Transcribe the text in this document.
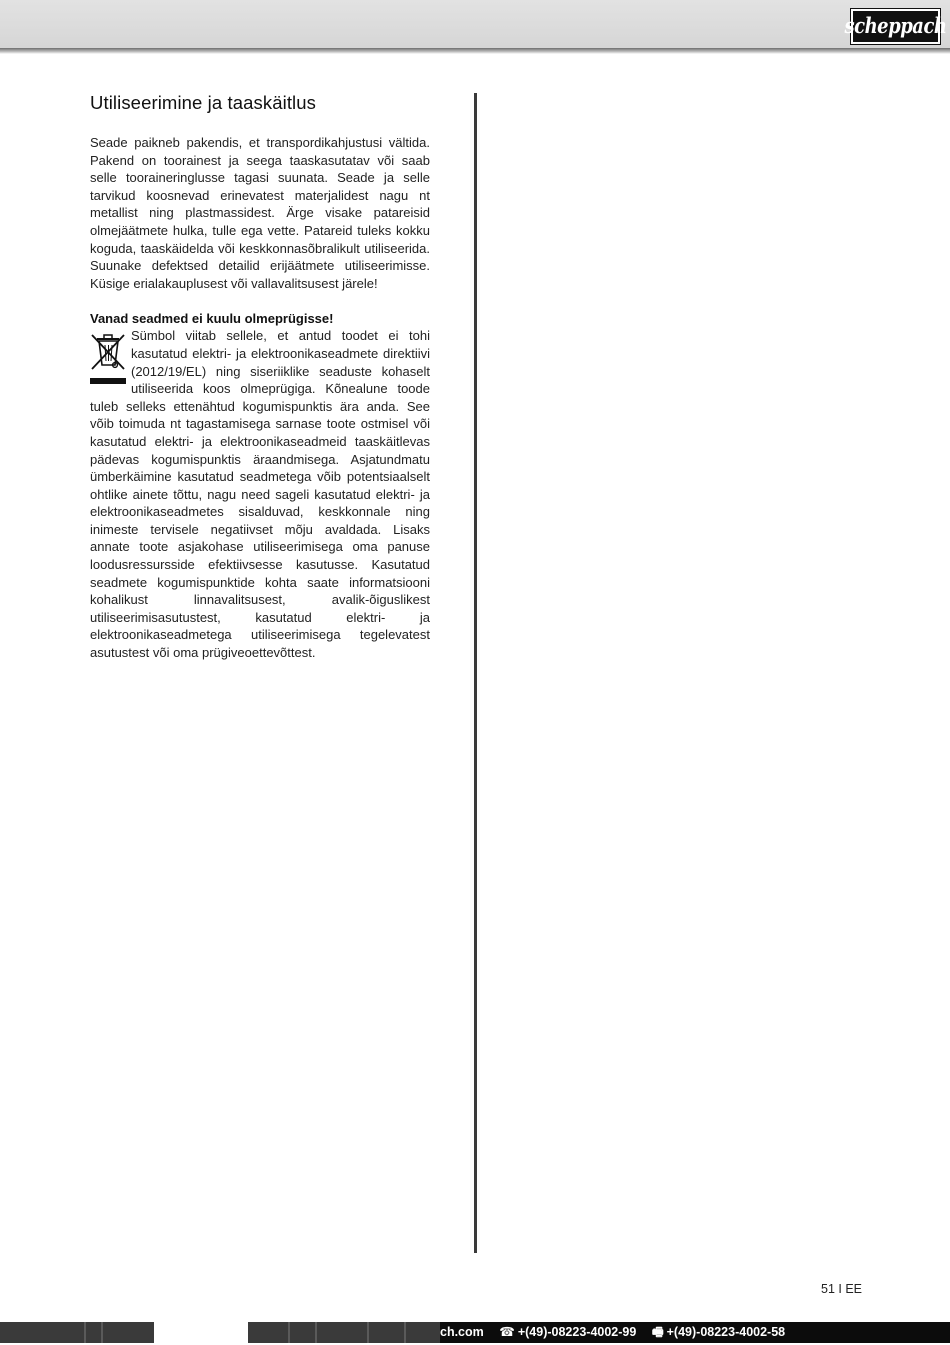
scheppach
Utiliseerimine ja taaskäitlus

Seade paikneb pakendis, et transpordikahjustusi vältida. Pakend on toorainest ja seega taaskasutatav või saab selle tooraineringlusse tagasi suunata. Seade ja selle tarvikud koosnevad erinevatest materjalidest nagu nt metallist ning plastmassidest. Ärge visake patareisid olmejäätmete hulka, tulle ega vette. Patareid tuleks kokku koguda, taaskäidelda või keskkonnasõbralikult utiliseerida. Suunake defektsed detailid erijäätmete utiliseerimisse. Küsige erialakauplusest või vallavalitsusest järele!

Vanad seadmed ei kuulu olmeprügisse!

Sümbol viitab sellele, et antud toodet ei tohi kasutatud elektri- ja elektroonikaseadmete direktiivi (2012/19/EL) ning siseriiklike seaduste kohaselt utiliseerida koos olmeprügiga. Kõnealune toode tuleb selleks ettenähtud kogumispunktis ära anda. See võib toimuda nt tagastamisega sarnase toote ostmisel või kasutatud elektri- ja elektroonikaseadmeid taaskäitlevas pädevas kogumispunktis äraandmisega. Asjatundmatu ümberkäimine kasutatud seadmetega võib potentsiaalselt ohtlike ainete tõttu, nagu need sageli kasutatud elektri- ja elektroonikaseadmetes sisalduvad, keskkonnale ning inimeste tervisele negatiivset mõju avaldada. Lisaks annate toote asjakohase utiliseerimisega oma panuse loodusressursside efektiivsesse kasutusse. Kasutatud seadmete kogumispunktide kohta saate informatsiooni kohalikust linnavalitsusest, avalik-õiguslikest utiliseerimisasutustest, kasutatud elektri- ja elektroonikaseadmetega utiliseerimisega tegelevatest asutustest või oma prügiveoettevõttest.

51 I EE
ch.com ☎ +(49)-08223-4002-99 🖷 +(49)-08223-4002-58
